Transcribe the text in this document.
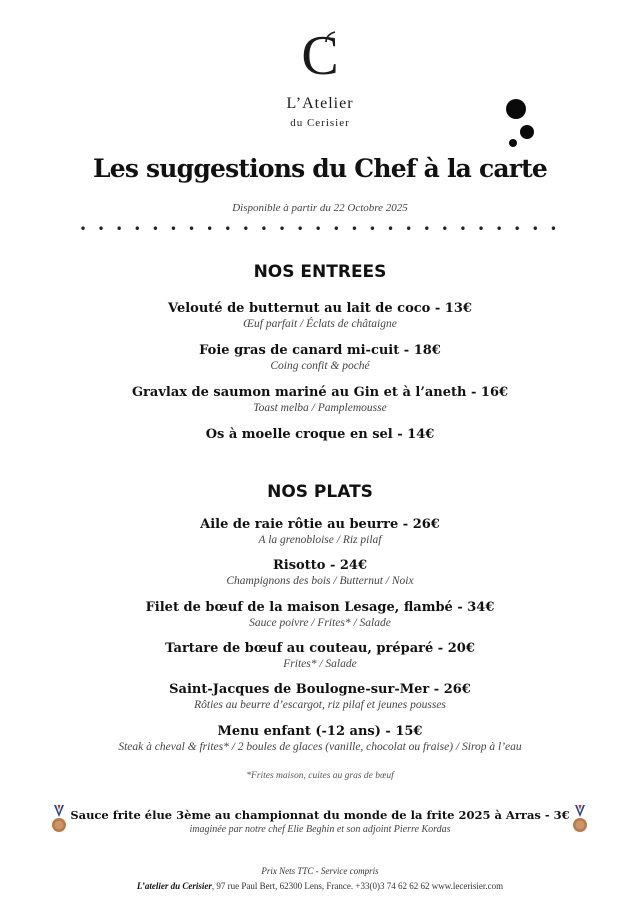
C
L’Atelier
du Cerisier
Les suggestions du Chef à la carte
Disponible à partir du 22 Octobre 2025
• • • • • • • • • • • • • • • • • • • • • • • • • • •
NOS ENTREES
Velouté de butternut au lait de coco - 13€
Œuf parfait / Éclats de châtaigne
Foie gras de canard mi-cuit - 18€
Coing confit & poché
Gravlax de saumon mariné au Gin et à l’aneth - 16€
Toast melba / Pamplemousse
Os à moelle croque en sel - 14€
NOS PLATS
Aile de raie rôtie au beurre - 26€
A la grenobloise / Riz pilaf
Risotto - 24€
Champignons des bois / Butternut / Noix
Filet de bœuf de la maison Lesage, flambé - 34€
Sauce poivre / Frites* / Salade
Tartare de bœuf au couteau, préparé - 20€
Frites* / Salade
Saint-Jacques de Boulogne-sur-Mer - 26€
Rôties au beurre d’escargot, riz pilaf et jeunes pousses
Menu enfant (-12 ans) - 15€
Steak à cheval & frites* / 2 boules de glaces (vanille, chocolat ou fraise) / Sirop à l’eau
*Frites maison, cuites au gras de bœuf
Sauce frite élue 3ème au championnat du monde de la frite 2025 à Arras - 3€
imaginée par notre chef Elie Beghin et son adjoint Pierre Kordas
Prix Nets TTC - Service compris
L’atelier du Cerisier, 97 rue Paul Bert, 62300 Lens, France. +33(0)3 74 62 62 62 www.lecerisier.com
